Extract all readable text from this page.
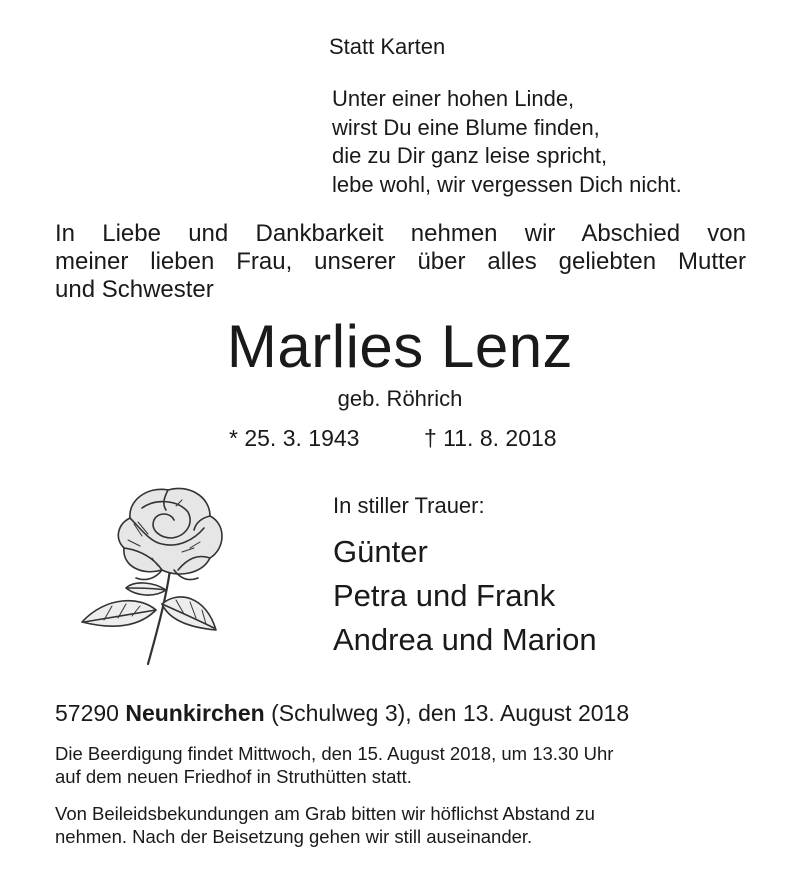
Statt Karten
Unter einer hohen Linde,
wirst Du eine Blume finden,
die zu Dir ganz leise spricht,
lebe wohl, wir vergessen Dich nicht.
In Liebe und Dankbarkeit nehmen wir Abschied von
meiner lieben Frau, unserer über alles geliebten Mutter
und Schwester
Marlies Lenz
geb. Röhrich
* 25. 3. 1943	† 11. 8. 2018
In stiller Trauer:
Günter
Petra und Frank
Andrea und Marion
57290 Neunkirchen (Schulweg 3), den 13. August 2018
Die Beerdigung findet Mittwoch, den 15. August 2018, um 13.30 Uhr
auf dem neuen Friedhof in Struthütten statt.
Von Beileidsbekundungen am Grab bitten wir höflichst Abstand zu
nehmen. Nach der Beisetzung gehen wir still auseinander.
